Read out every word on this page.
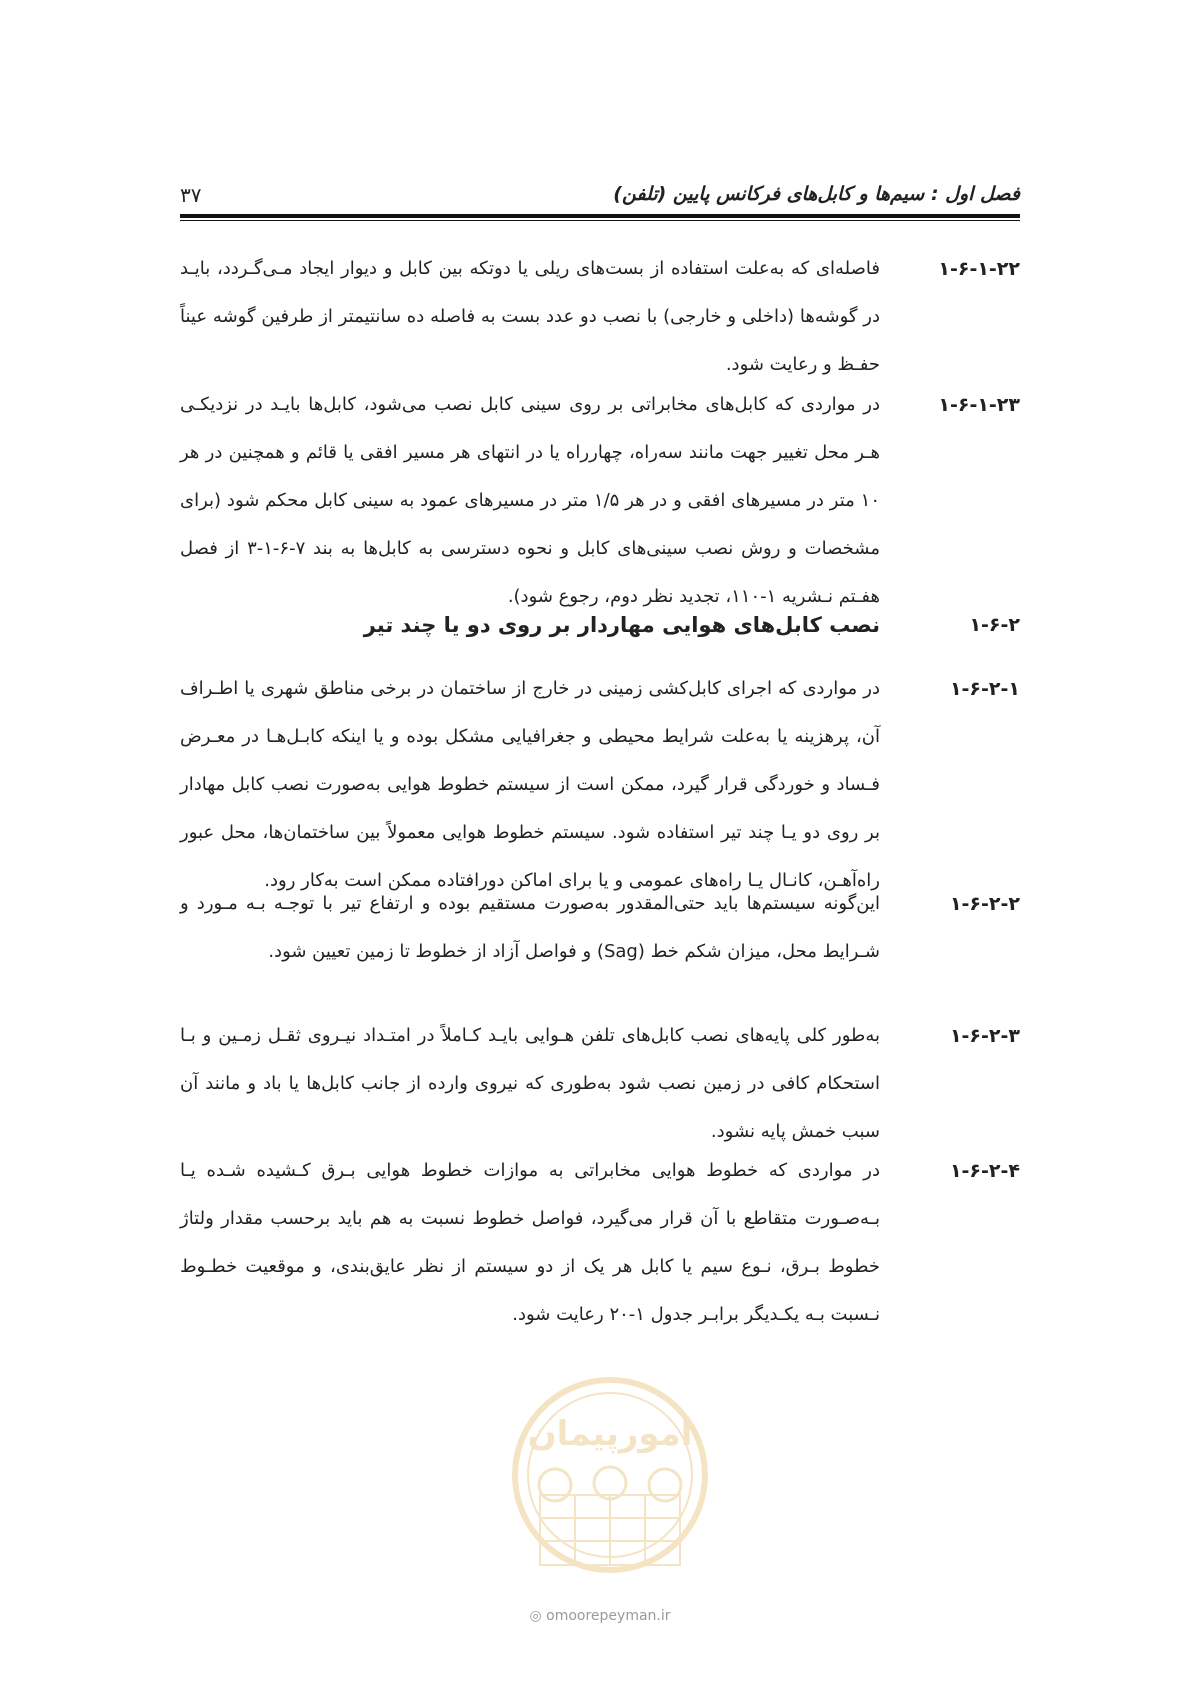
فصل اول : سیم‌ها و کابل‌های فرکانس پایین (تلفن)
۳۷
۱-۶-۱-۲۲
فاصله‌ای که به‌علت استفاده از بست‌های ریلی یا دوتکه بین کابل و دیوار ایجاد مـی‌گـردد، بایـد در گوشه‌ها (داخلی و خارجی) با نصب دو عدد بست به فاصله ده سانتیمتر از طرفین گوشه عیناً حفـظ و رعایت شود.
۱-۶-۱-۲۳
در مواردی که کابل‌های مخابراتی بر روی سینی کابل نصب می‌شود، کابل‌ها بایـد در نزدیکـی هـر محل تغییر جهت مانند سه‌راه، چهارراه یا در انتهای هر مسیر افقی یا قائم و همچنین در هر ۱۰ متر در مسیرهای افقی و در هر ۱/۵ متر در مسیرهای عمود به سینی کابل محکم شود (برای مشخصات و روش نصب سینی‌های کابل و نحوه دسترسی به کابل‌ها به بند ۷-۶-۱-۳ از فصل هفـتم نـشریه ۱-۱۱۰، تجدید نظر دوم، رجوع شود).
۱-۶-۲
نصب کابل‌های هوایی مهاردار بر روی دو یا چند تیر
۱-۶-۲-۱
در مواردی که اجرای کابل‌کشی زمینی در خارج از ساختمان در برخی مناطق شهری یا اطـراف آن، پرهزینه یا به‌علت شرایط محیطی و جغرافیایی مشکل بوده و یا اینکه کابـل‌هـا در معـرض فـساد و خوردگی قرار گیرد، ممکن است از سیستم خطوط هوایی به‌صورت نصب کابل مهادار بر روی دو یـا چند تیر استفاده شود. سیستم خطوط هوایی معمولاً بین ساختمان‌ها، محل عبور راه‌آهـن، کانـال یـا راه‌های عمومی و یا برای اماکن دورافتاده ممکن است به‌کار رود.
۱-۶-۲-۲
این‌گونه سیستم‌ها باید حتی‌المقدور به‌صورت مستقیم بوده و ارتفاع تیر با توجـه بـه مـورد و شـرایط محل، میزان شکم خط (Sag) و فواصل آزاد از خطوط تا زمین تعیین شود.
۱-۶-۲-۳
به‌طور کلی پایه‌های نصب کابل‌های تلفن هـوایی بایـد کـاملاً در امتـداد نیـروی ثقـل زمـین و بـا استحکام کافی در زمین نصب شود به‌طوری که نیروی وارده از جانب کابل‌ها یا باد و مانند آن سبب خمش پایه نشود.
۱-۶-۲-۴
در مواردی که خطوط هوایی مخابراتی به موازات خطوط هوایی بـرق کـشیده شـده یـا بـه‌صـورت متقاطع با آن قرار می‌گیرد، فواصل خطوط نسبت به هم باید برحسب مقدار ولتاژ خطوط بـرق، نـوع سیم یا کابل هر یک از دو سیستم از نظر عایق‌بندی، و موقعیت خطـوط نـسبت بـه یکـدیگر برابـر جدول ۱-۲۰ رعایت شود.
امورپیمان
◎ omoorepeyman.ir
